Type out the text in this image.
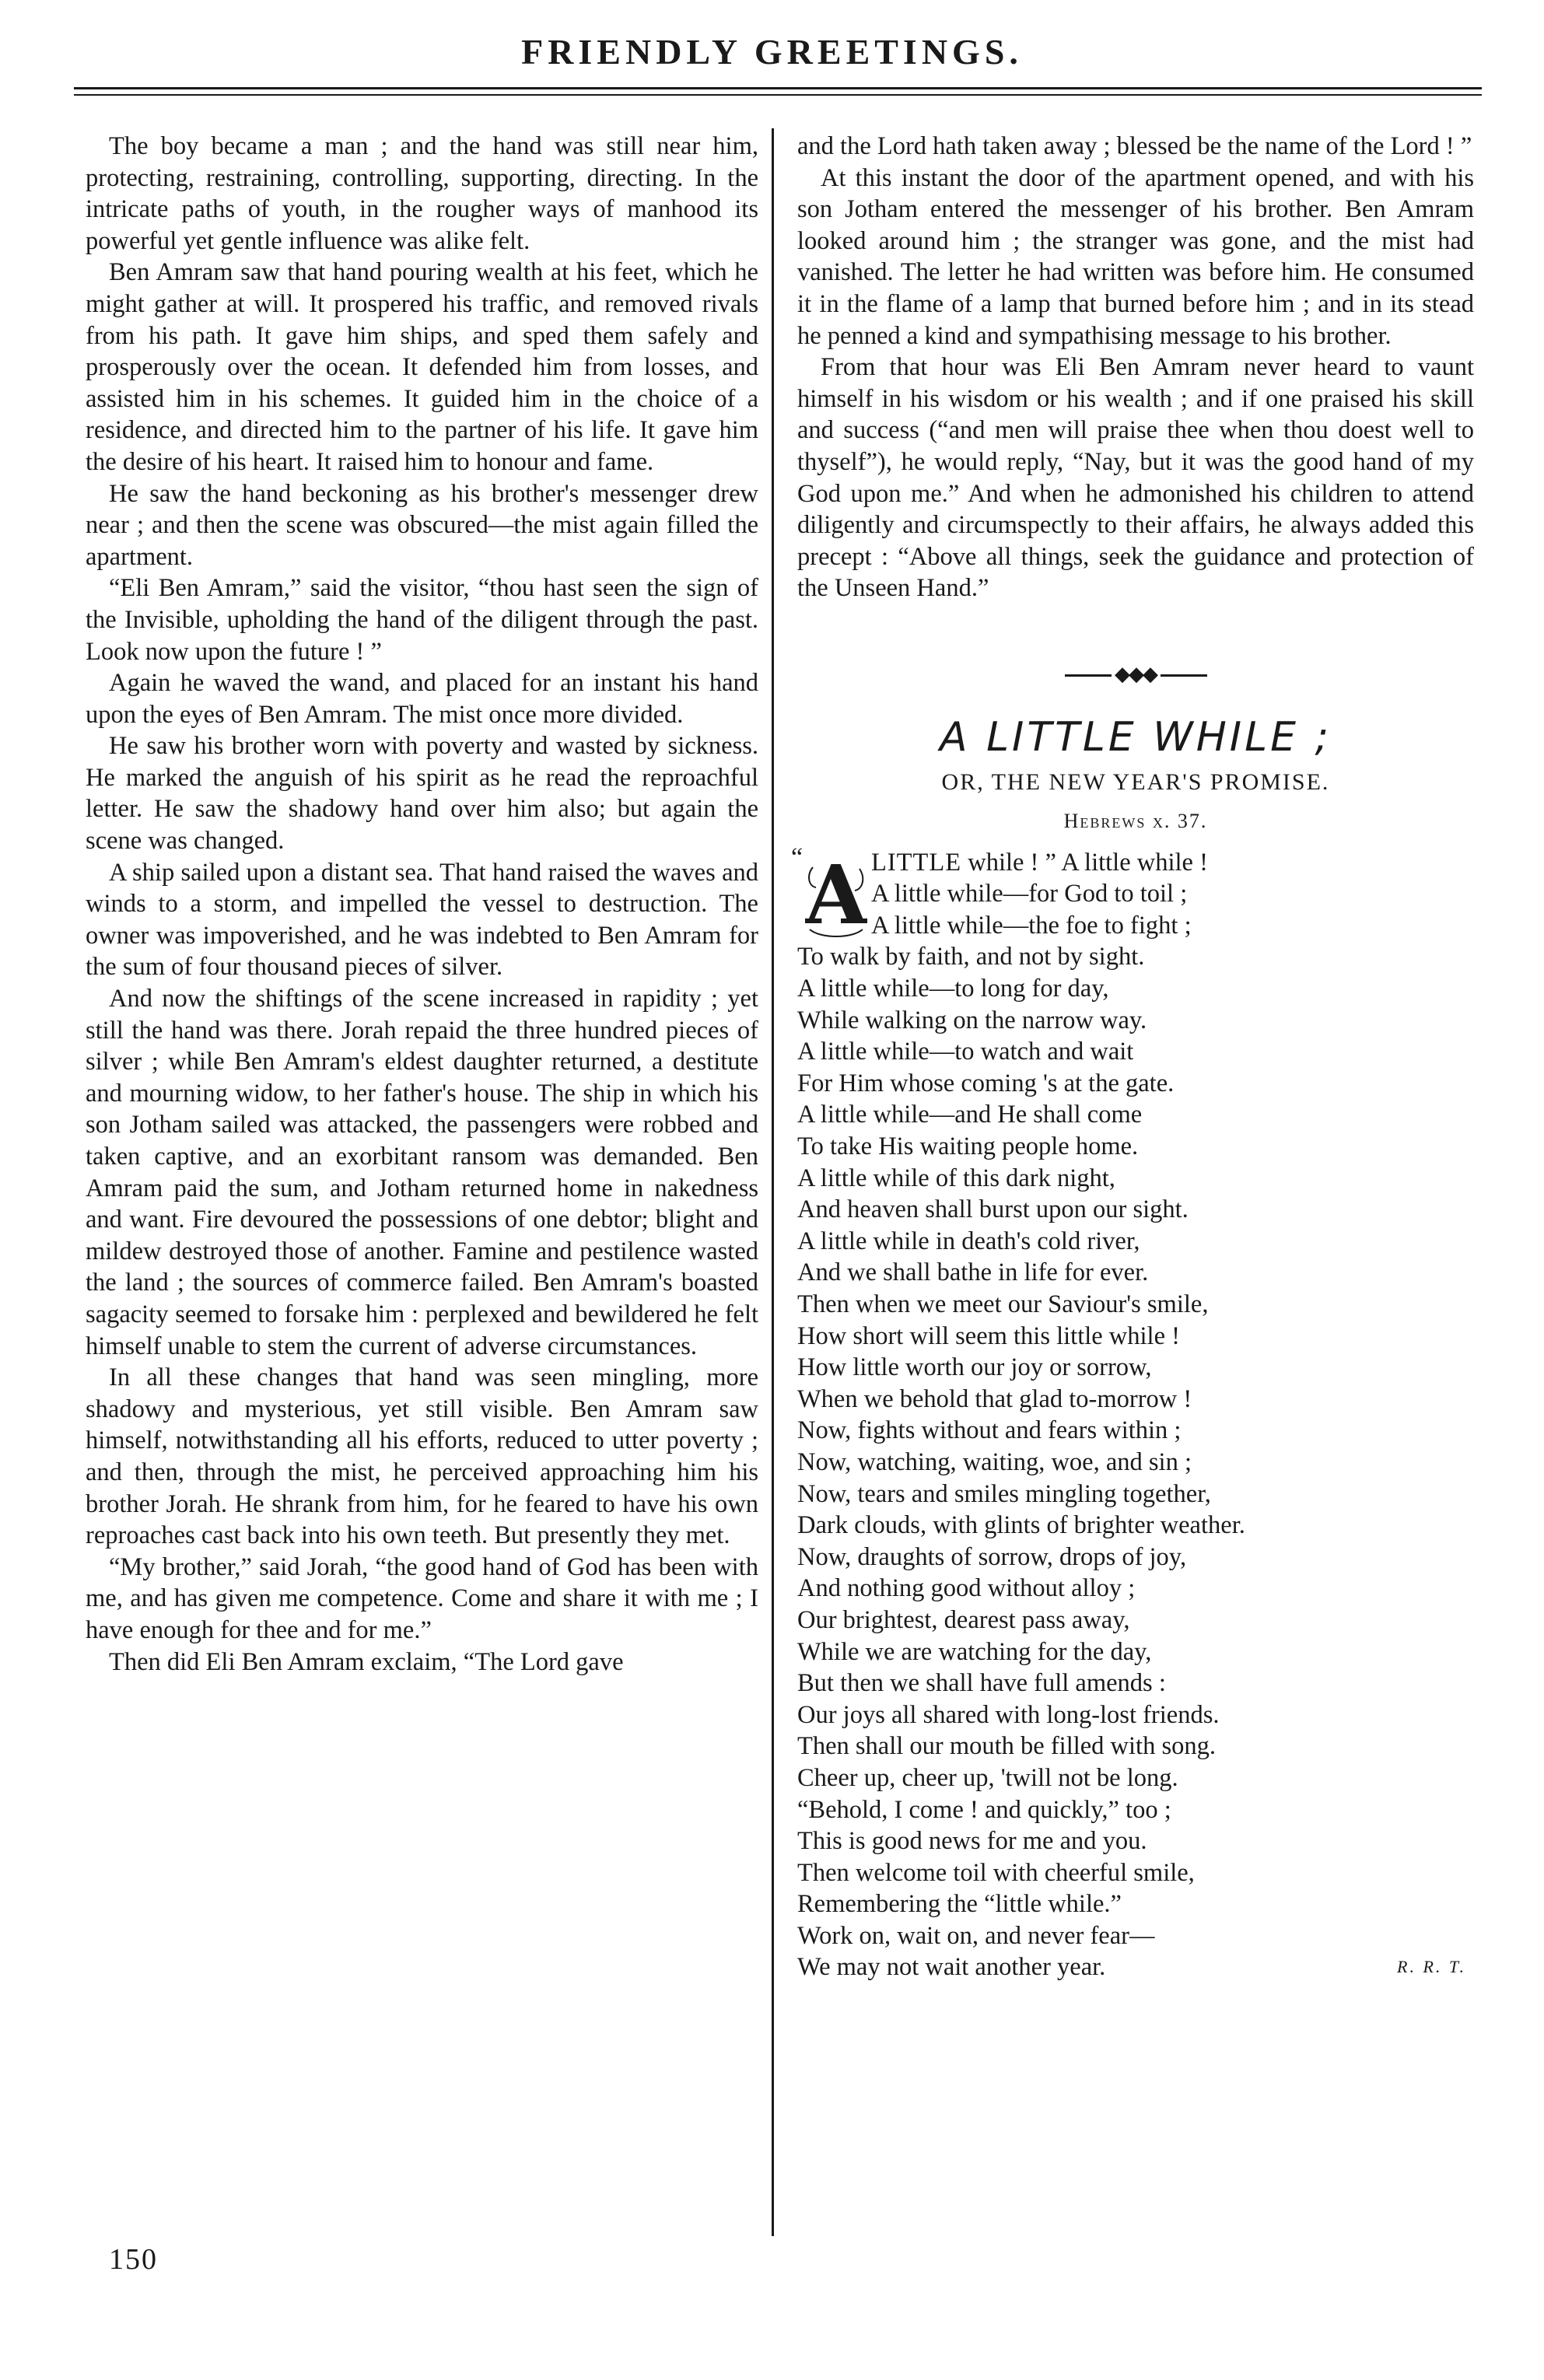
FRIENDLY GREETINGS.

The boy became a man ; and the hand was still near him, protecting, restraining, controlling, supporting, directing. In the intricate paths of youth, in the rougher ways of manhood its powerful yet gentle influence was alike felt.

Ben Amram saw that hand pouring wealth at his feet, which he might gather at will. It prospered his traffic, and removed rivals from his path. It gave him ships, and sped them safely and prosperously over the ocean. It defended him from losses, and assisted him in his schemes. It guided him in the choice of a residence, and directed him to the partner of his life. It gave him the desire of his heart. It raised him to honour and fame.

He saw the hand beckoning as his brother's messenger drew near ; and then the scene was obscured—the mist again filled the apartment.

“Eli Ben Amram,” said the visitor, “thou hast seen the sign of the Invisible, upholding the hand of the diligent through the past. Look now upon the future ! ”

Again he waved the wand, and placed for an instant his hand upon the eyes of Ben Amram. The mist once more divided.

He saw his brother worn with poverty and wasted by sickness. He marked the anguish of his spirit as he read the reproachful letter. He saw the shadowy hand over him also; but again the scene was changed.

A ship sailed upon a distant sea. That hand raised the waves and winds to a storm, and impelled the vessel to destruction. The owner was impoverished, and he was indebted to Ben Amram for the sum of four thousand pieces of silver.

And now the shiftings of the scene increased in rapidity ; yet still the hand was there. Jorah repaid the three hundred pieces of silver ; while Ben Amram's eldest daughter returned, a destitute and mourning widow, to her father's house. The ship in which his son Jotham sailed was attacked, the passengers were robbed and taken captive, and an exorbitant ransom was demanded. Ben Amram paid the sum, and Jotham returned home in nakedness and want. Fire devoured the possessions of one debtor; blight and mildew destroyed those of another. Famine and pestilence wasted the land ; the sources of commerce failed. Ben Amram's boasted sagacity seemed to forsake him : perplexed and bewildered he felt himself unable to stem the current of adverse circumstances.

In all these changes that hand was seen mingling, more shadowy and mysterious, yet still visible. Ben Amram saw himself, notwithstanding all his efforts, reduced to utter poverty ; and then, through the mist, he perceived approaching him his brother Jorah. He shrank from him, for he feared to have his own reproaches cast back into his own teeth. But presently they met.

“My brother,” said Jorah, “the good hand of God has been with me, and has given me competence. Come and share it with me ; I have enough for thee and for me.”

Then did Eli Ben Amram exclaim, “The Lord gave

and the Lord hath taken away ; blessed be the name of the Lord ! ”

At this instant the door of the apartment opened, and with his son Jotham entered the messenger of his brother. Ben Amram looked around him ; the stranger was gone, and the mist had vanished. The letter he had written was before him. He consumed it in the flame of a lamp that burned before him ; and in its stead he penned a kind and sympathising message to his brother.

From that hour was Eli Ben Amram never heard to vaunt himself in his wisdom or his wealth ; and if one praised his skill and success (“and men will praise thee when thou doest well to thyself”), he would reply, “Nay, but it was the good hand of my God upon me.” And when he admonished his children to attend diligently and circumspectly to their affairs, he always added this precept : “Above all things, seek the guidance and protection of the Unseen Hand.”

◆◆◆
A LITTLE WHILE ;
OR, THE NEW YEAR'S PROMISE.
Hebrews x. 37.
“ A LITTLE while ! ” A little while !
A little while—for God to toil ;
A little while—the foe to fight ;
To walk by faith, and not by sight.
A little while—to long for day,
While walking on the narrow way.
A little while—to watch and wait
For Him whose coming 's at the gate.
A little while—and He shall come
To take His waiting people home.
A little while of this dark night,
And heaven shall burst upon our sight.
A little while in death's cold river,
And we shall bathe in life for ever.
Then when we meet our Saviour's smile,
How short will seem this little while !
How little worth our joy or sorrow,
When we behold that glad to-morrow !
Now, fights without and fears within ;
Now, watching, waiting, woe, and sin ;
Now, tears and smiles mingling together,
Dark clouds, with glints of brighter weather.
Now, draughts of sorrow, drops of joy,
And nothing good without alloy ;
Our brightest, dearest pass away,
While we are watching for the day,
But then we shall have full amends :
Our joys all shared with long-lost friends.
Then shall our mouth be filled with song.
Cheer up, cheer up, 'twill not be long.
“Behold, I come ! and quickly,” too ;
This is good news for me and you.
Then welcome toil with cheerful smile,
Remembering the “little while.”
Work on, wait on, and never fear—
We may not wait another year.	R. R. T.
150
